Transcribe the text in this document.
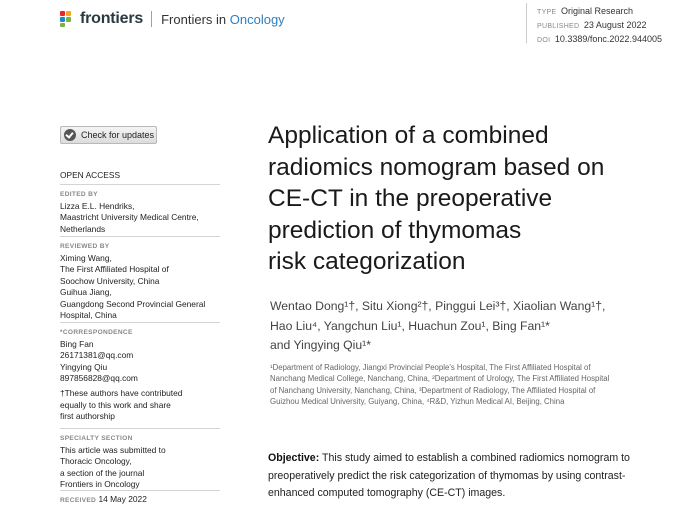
frontiers Frontiers in Oncology	TYPE Original Research
PUBLISHED 23 August 2022
DOI 10.3389/fonc.2022.944005
Check for updates
OPEN ACCESS
EDITED BY
Lizza E.L. Hendriks,
Maastricht University Medical Centre,
Netherlands
REVIEWED BY
Ximing Wang,
The First Affiliated Hospital of
Soochow University, China
Guihua Jiang,
Guangdong Second Provincial General
Hospital, China
*CORRESPONDENCE
Bing Fan
26171381@qq.com
Yingying Qiu
897856828@qq.com
†These authors have contributed
equally to this work and share
first authorship
SPECIALTY SECTION
This article was submitted to
Thoracic Oncology,
a section of the journal
Frontiers in Oncology
RECEIVED 14 May 2022
Application of a combined
radiomics nomogram based on
CE-CT in the preoperative
prediction of thymomas
risk categorization
Wentao Dong¹†, Situ Xiong²†, Pinggui Lei³†, Xiaolian Wang¹†,
Hao Liu⁴, Yangchun Liu¹, Huachun Zou¹, Bing Fan¹*
and Yingying Qiu¹*
¹Department of Radiology, Jiangxi Provincial People’s Hospital, The First Affiliated Hospital of
Nanchang Medical College, Nanchang, China, ²Department of Urology, The First Affiliated Hospital
of Nanchang University, Nanchang, China, ³Department of Radiology, The Affiliated Hospital of
Guizhou Medical University, Guiyang, China, ⁴R&D, Yizhun Medical AI, Beijing, China
Objective: This study aimed to establish a combined radiomics nomogram to
preoperatively predict the risk categorization of thymomas by using contrast-
enhanced computed tomography (CE-CT) images.
